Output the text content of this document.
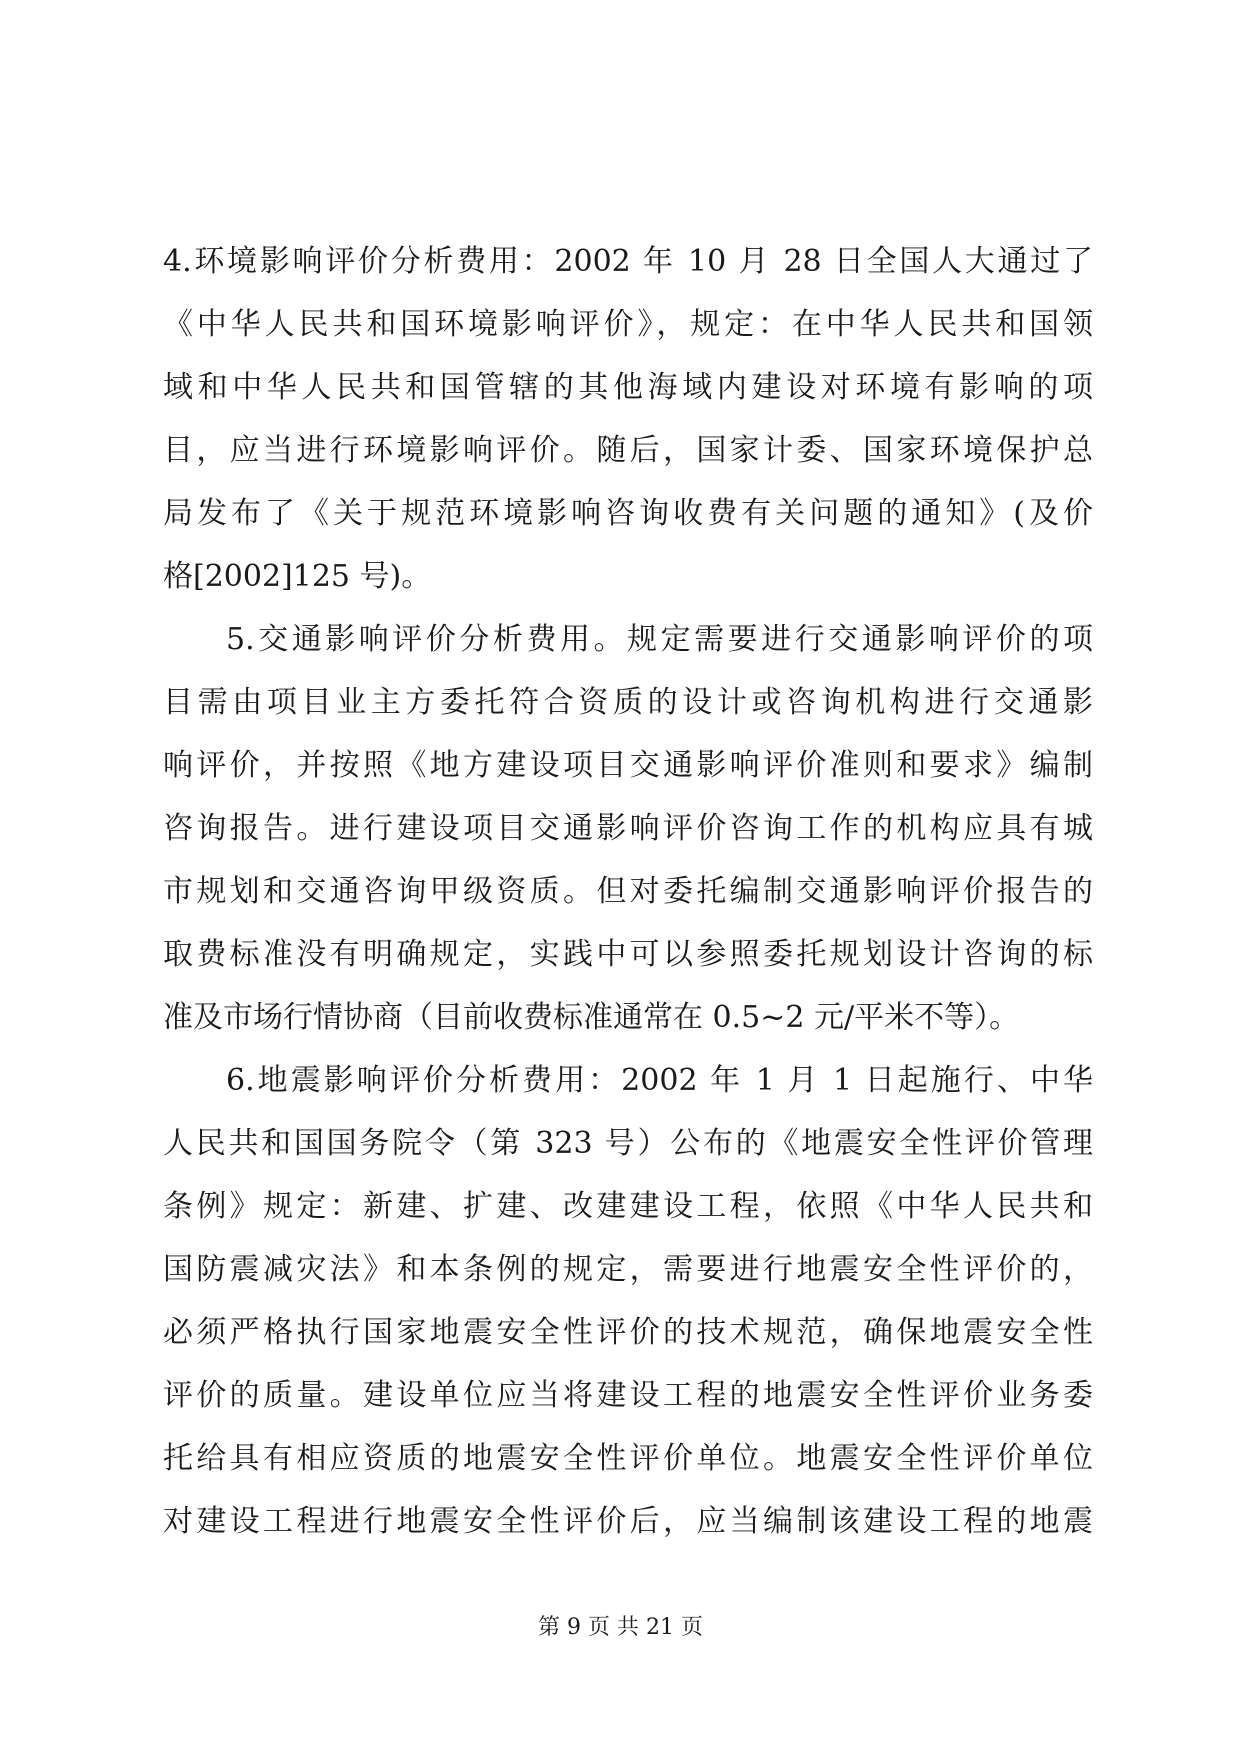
4.环境影响评价分析费用：2002 年 10 月 28 日全国人大通过了
《中华人民共和国环境影响评价》，规定：在中华人民共和国领
域和中华人民共和国管辖的其他海域内建设对环境有影响的项
目，应当进行环境影响评价。随后，国家计委、国家环境保护总
局发布了《关于规范环境影响咨询收费有关问题的通知》(及价
格[2002]125 号)。
5.交通影响评价分析费用。规定需要进行交通影响评价的项
目需由项目业主方委托符合资质的设计或咨询机构进行交通影
响评价，并按照《地方建设项目交通影响评价准则和要求》编制
咨询报告。进行建设项目交通影响评价咨询工作的机构应具有城
市规划和交通咨询甲级资质。但对委托编制交通影响评价报告的
取费标准没有明确规定，实践中可以参照委托规划设计咨询的标
准及市场行情协商（目前收费标准通常在 0.5~2 元/平米不等）。
6.地震影响评价分析费用：2002 年 1 月 1 日起施行、中华
人民共和国国务院令（第 323 号）公布的《地震安全性评价管理
条例》规定：新建、扩建、改建建设工程，依照《中华人民共和
国防震减灾法》和本条例的规定，需要进行地震安全性评价的，
必须严格执行国家地震安全性评价的技术规范，确保地震安全性
评价的质量。建设单位应当将建设工程的地震安全性评价业务委
托给具有相应资质的地震安全性评价单位。地震安全性评价单位
对建设工程进行地震安全性评价后，应当编制该建设工程的地震
第 9 页 共 21 页
